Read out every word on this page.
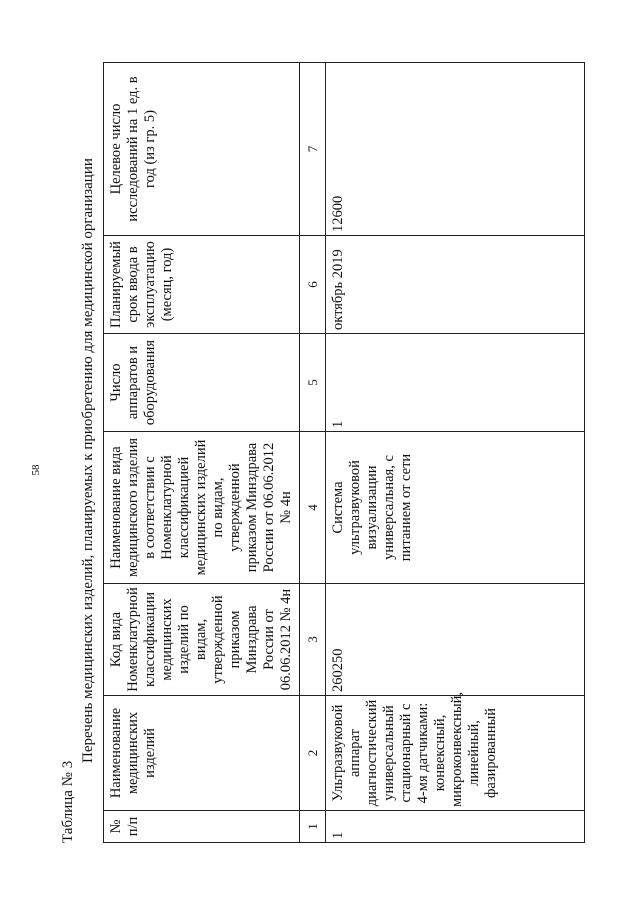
58
Таблица № 3
Перечень медицинских изделий, планируемых к приобретению для медицинской организации
№ п/п	Наименование медицинских изделий	Код вида Номенклатурной классификации медицинских изделий по видам, утвержденной приказом Минздрава России от 06.06.2012 № 4н	Наименование вида медицинского изделия в соответствии с Номенклатурной классификацией медицинских изделий по видам, утвержденной приказом Минздрава России от 06.06.2012 № 4н	Число аппаратов и оборудования	Планируемый срок ввода в эксплуатацию (месяц, год)	Целевое число исследований на 1 ед. в год (из гр. 5)
1	2	3	4	5	6	7
1	Ультразвуковой аппарат диагностический универсальный стационарный с 4-мя датчиками: конвексный, микроконвексный, линейный, фазированный	260250	Система ультразвуковой визуализации универсальная, с питанием от сети	1	октябрь 2019	12600
